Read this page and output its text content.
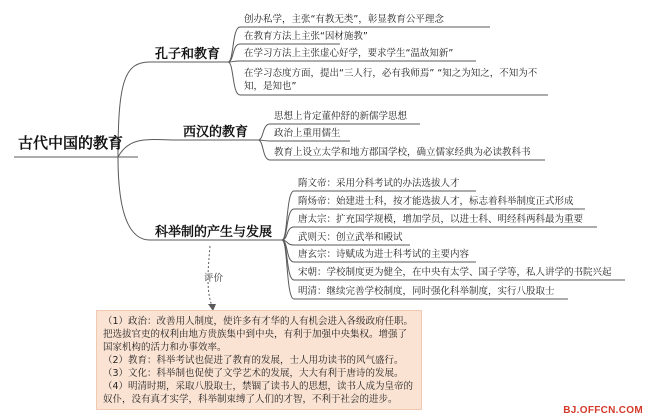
古代中国的教育
孔子和教育
西汉的教育
科举制的产生与发展
创办私学，主张“有教无类”，彰显教育公平理念
在教育方法上主张“因材施教”
在学习方法上主张虚心好学，要求学生“温故知新”
在学习态度方面，提出“三人行，必有我师焉” “知之为知之，不知为不知，是知也”
思想上肯定董仲舒的新儒学思想
政治上重用儒生
教育上设立太学和地方郡国学校，确立儒家经典为必读教科书
隋文帝：采用分科考试的办法选拔人才
隋炀帝：始建进士科，按才能选拔人才，标志着科举制度正式形成
唐太宗：扩充国学规模，增加学员，以进士科、明经科两科最为重要
武则天：创立武举和殿试
唐玄宗：诗赋成为进士科考试的主要内容
宋朝：学校制度更为健全，在中央有太学、国子学等，私人讲学的书院兴起
明清：继续完善学校制度，同时强化科举制度，实行八股取士
评价

（1）政治：改善用人制度，使许多有才华的人有机会进入各级政府任职。把选拔官吏的权利由地方贵族集中到中央，有利于加强中央集权。增强了国家机构的活力和办事效率。

（2）教育：科举考试也促进了教育的发展，士人用功读书的风气盛行。

（3）文化：科举制也促使了文学艺术的发展，大大有利于唐诗的发展。

（4）明清时期，采取八股取士，禁锢了读书人的思想，读书人成为皇帝的奴仆，没有真才实学，科举制束缚了人们的才智，不利于社会的进步。

BJ.OFFCN.COM
